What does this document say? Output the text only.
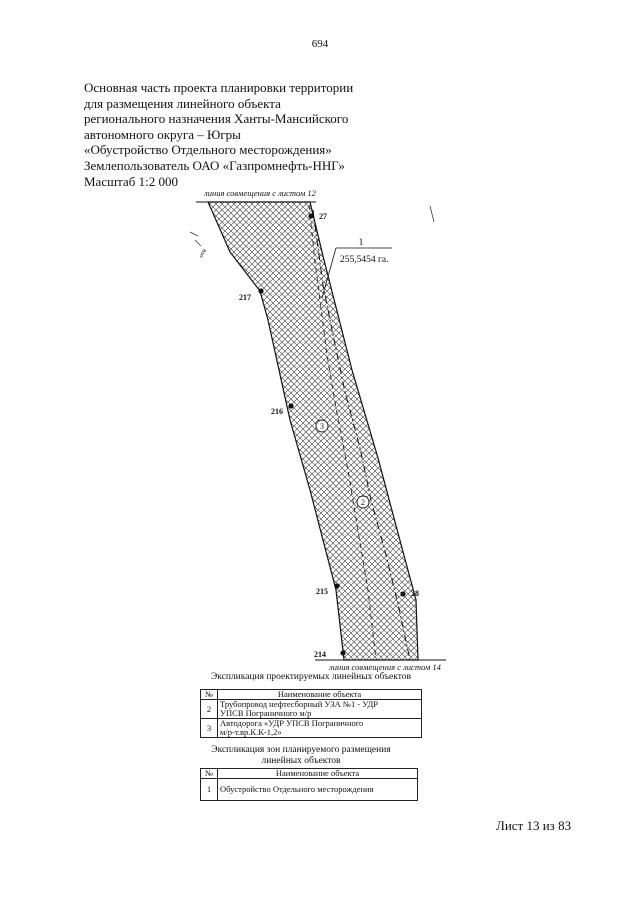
694
Основная часть проекта планировки территории
для размещения линейного объекта
регионального назначения Ханты-Мансийского
автономного округа – Югры
«Обустройство Отдельного месторождения»
Землепользователь ОАО «Газпромнефть-ННГ»
Масштаб 1:2 000
линия совмещения с листом 12
линия совмещения с листом 14
1
255,5454 га.
отв
27
217
216
215	28
214
3
2
Экспликация проектируемых линейных объектов
№	Наименование объекта
2	Трубопровод нефтесборный УЗА №1 - УДР
УПСВ Пограничного м/р

3	Автодорога «УДР УПСВ Пограничного
м/р-т.вр.К.К-1,2»
Экспликация зон планируемого размещения
линейных объектов
№	Наименование объекта
1	Обустройство Отдельного месторождения
Лист 13 из 83
